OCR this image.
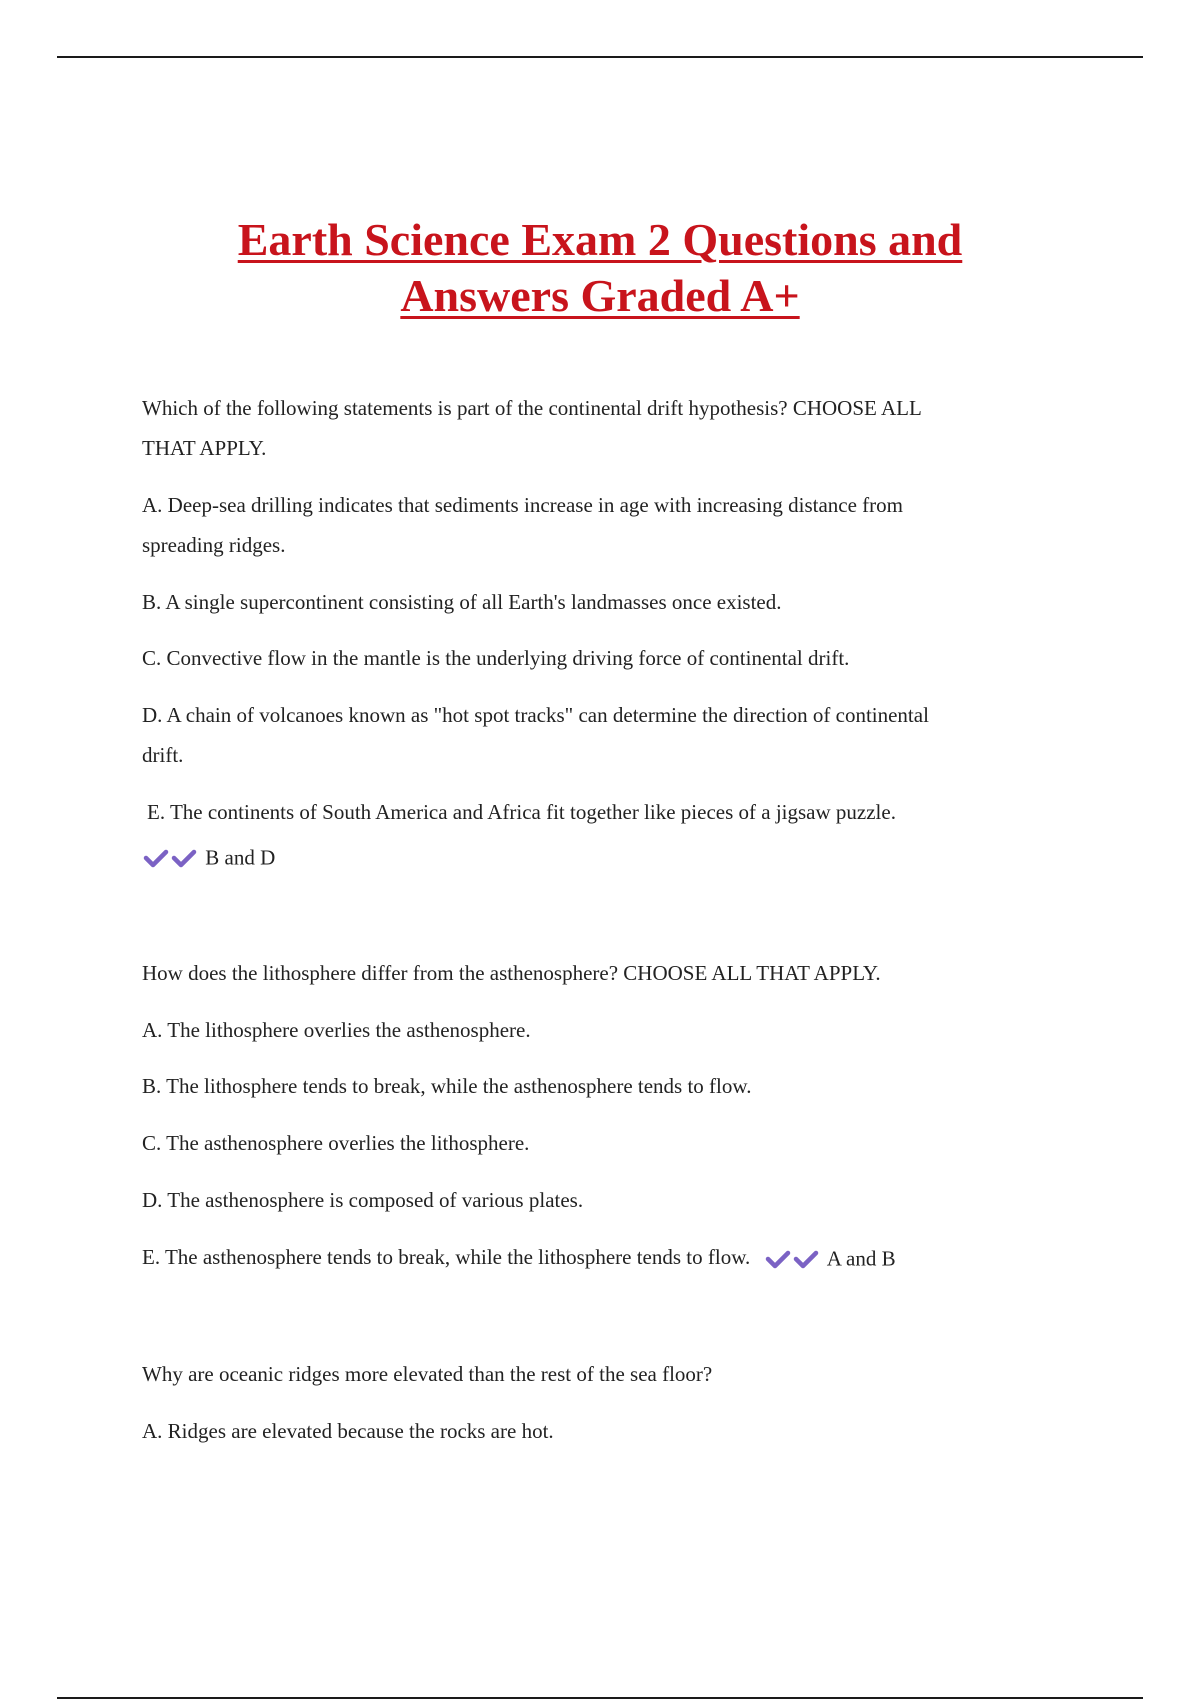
Earth Science Exam 2 Questions and
Answers Graded A+
Which of the following statements is part of the continental drift hypothesis? CHOOSE ALL
THAT APPLY.
A. Deep-sea drilling indicates that sediments increase in age with increasing distance from
spreading ridges.
B. A single supercontinent consisting of all Earth's landmasses once existed.
C. Convective flow in the mantle is the underlying driving force of continental drift.
D. A chain of volcanoes known as "hot spot tracks" can determine the direction of continental
drift.
E. The continents of South America and Africa fit together like pieces of a jigsaw puzzle.
B and D
How does the lithosphere differ from the asthenosphere? CHOOSE ALL THAT APPLY.
A. The lithosphere overlies the asthenosphere.
B. The lithosphere tends to break, while the asthenosphere tends to flow.
C. The asthenosphere overlies the lithosphere.
D. The asthenosphere is composed of various plates.
E. The asthenosphere tends to break, while the lithosphere tends to flow.	A and B
Why are oceanic ridges more elevated than the rest of the sea floor?
A. Ridges are elevated because the rocks are hot.
